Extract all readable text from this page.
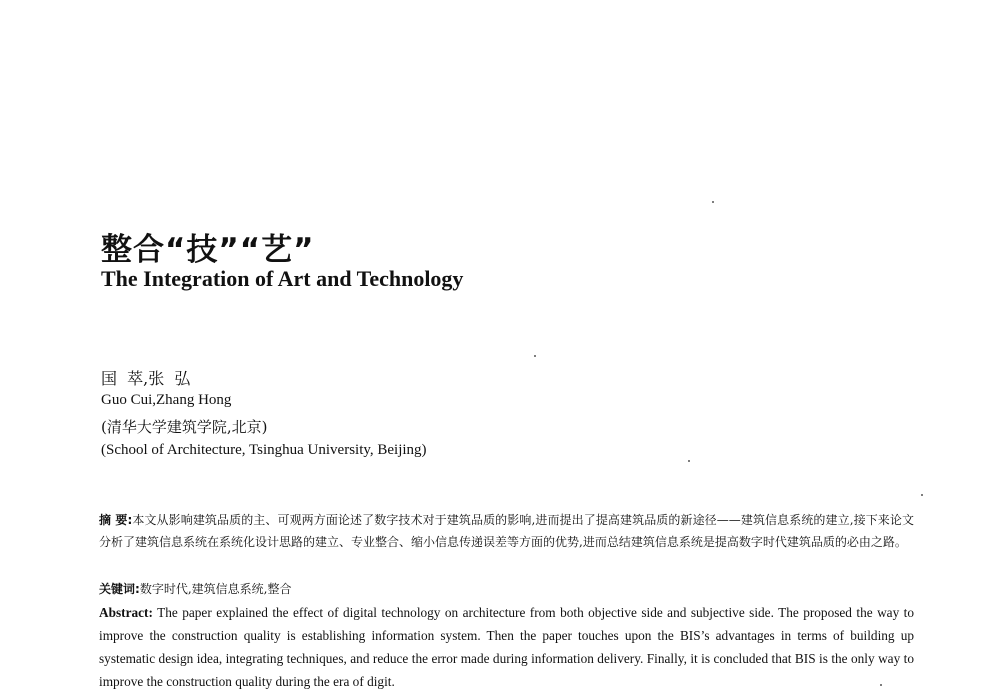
整合“技”“艺”
The Integration of Art and Technology
国  萃,张  弘
Guo Cui,Zhang Hong
(清华大学建筑学院,北京)
(School of Architecture, Tsinghua University, Beijing)
摘 要:本文从影响建筑品质的主、可观两方面论述了数字技术对于建筑品质的影响,进而提出了提高建筑品质的新途径——建筑信息系统的建立,接下来论文分析了建筑信息系统在系统化设计思路的建立、专业整合、缩小信息传递误差等方面的优势,进而总结建筑信息系统是提高数字时代建筑品质的必由之路。
关键词:数字时代,建筑信息系统,整合
Abstract: The paper explained the effect of digital technology on architecture from both objective side and subjective side. The proposed the way to improve the construction quality is establishing information system. Then the paper touches upon the BIS’s advantages in terms of building up systematic design idea, integrating techniques, and reduce the error made during information delivery. Finally, it is concluded that BIS is the only way to improve the construction quality during the era of digit.
